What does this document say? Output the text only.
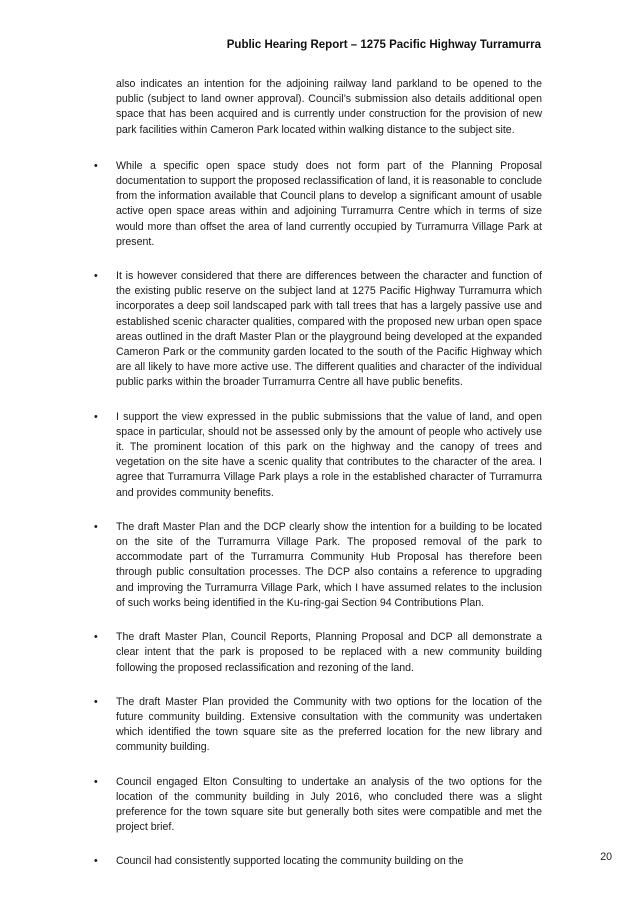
Public Hearing Report – 1275 Pacific Highway Turramurra

also indicates an intention for the adjoining railway land parkland to be opened to the public (subject to land owner approval). Council’s submission also details additional open space that has been acquired and is currently under construction for the provision of new park facilities within Cameron Park located within walking distance to the subject site.

•	While a specific open space study does not form part of the Planning Proposal documentation to support the proposed reclassification of land, it is reasonable to conclude from the information available that Council plans to develop a significant amount of usable active open space areas within and adjoining Turramurra Centre which in terms of size would more than offset the area of land currently occupied by Turramurra Village Park at present.

•	It is however considered that there are differences between the character and function of the existing public reserve on the subject land at 1275 Pacific Highway Turramurra which incorporates a deep soil landscaped park with tall trees that has a largely passive use and established scenic character qualities, compared with the proposed new urban open space areas outlined in the draft Master Plan or the playground being developed at the expanded Cameron Park or the community garden located to the south of the Pacific Highway which are all likely to have more active use. The different qualities and character of the individual public parks within the broader Turramurra Centre all have public benefits.

•	I support the view expressed in the public submissions that the value of land, and open space in particular, should not be assessed only by the amount of people who actively use it. The prominent location of this park on the highway and the canopy of trees and vegetation on the site have a scenic quality that contributes to the character of the area. I agree that Turramurra Village Park plays a role in the established character of Turramurra and provides community benefits.

•	The draft Master Plan and the DCP clearly show the intention for a building to be located on the site of the Turramurra Village Park. The proposed removal of the park to accommodate part of the Turramurra Community Hub Proposal has therefore been through public consultation processes. The DCP also contains a reference to upgrading and improving the Turramurra Village Park, which I have assumed relates to the inclusion of such works being identified in the Ku-ring-gai Section 94 Contributions Plan.

•	The draft Master Plan, Council Reports, Planning Proposal and DCP all demonstrate a clear intent that the park is proposed to be replaced with a new community building following the proposed reclassification and rezoning of the land.

•	The draft Master Plan provided the Community with two options for the location of the future community building. Extensive consultation with the community was undertaken which identified the town square site as the preferred location for the new library and community building.

•	Council engaged Elton Consulting to undertake an analysis of the two options for the location of the community building in July 2016, who concluded there was a slight preference for the town square site but generally both sites were compatible and met the project brief.

•	Council had consistently supported locating the community building on the	20
